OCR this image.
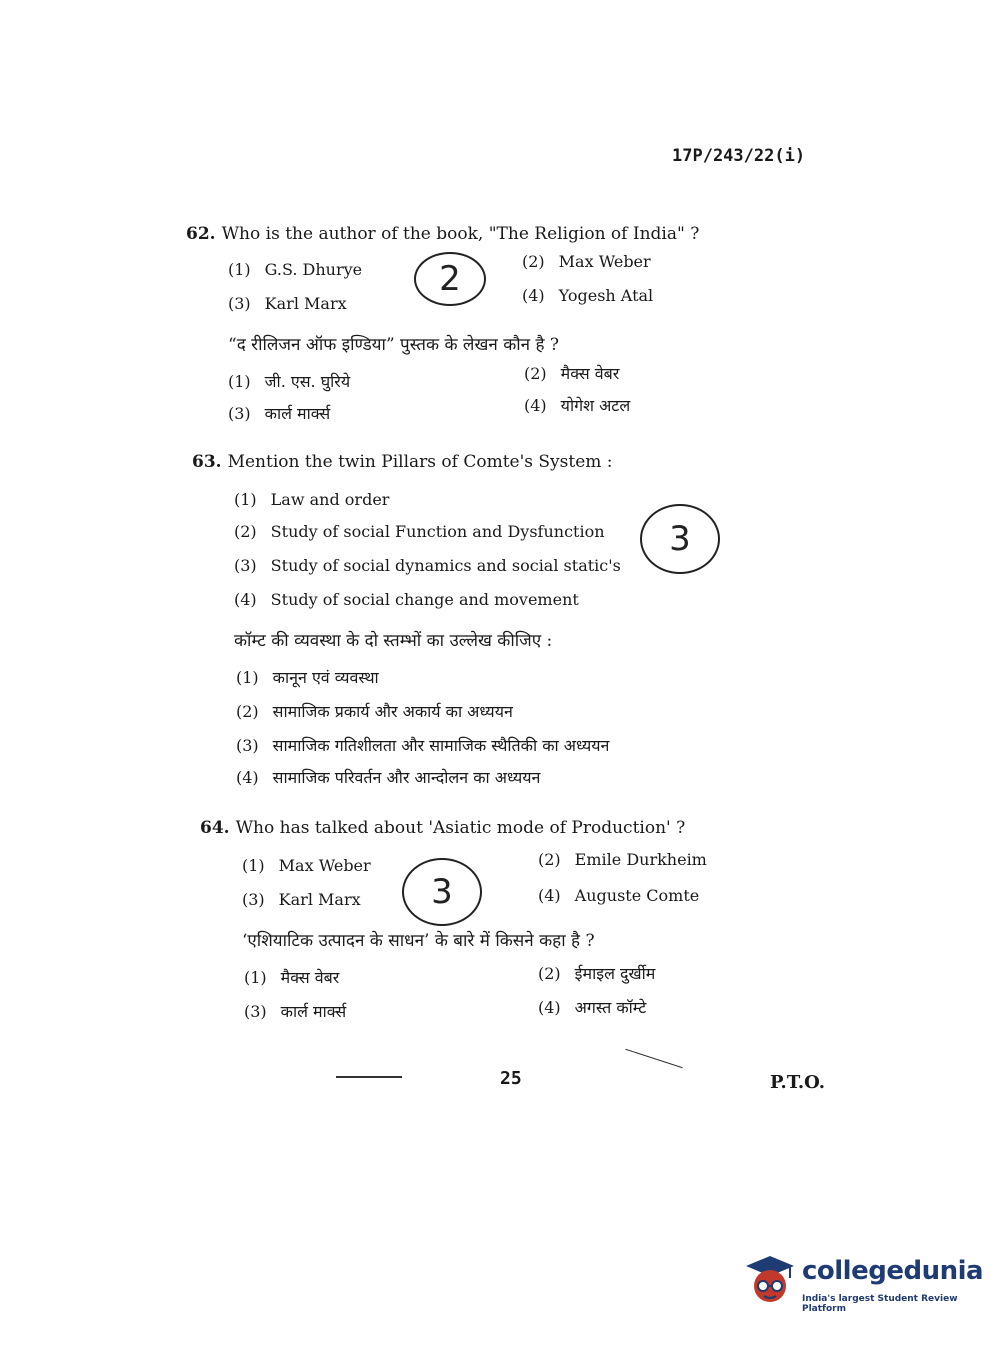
17P/243/22(i)
62. Who is the author of the book, "The Religion of India" ?
(1) G.S. Dhurye	(2) Max Weber
(3) Karl Marx	(4) Yogesh Atal
“द रीलिजन ऑफ इण्डिया” पुस्तक के लेखन कौन है ?
(1) जी. एस. घुरिये	(2) मैक्स वेबर
(3) कार्ल मार्क्स	(4) योगेश अटल
2
63. Mention the twin Pillars of Comte's System :
(1) Law and order
(2) Study of social Function and Dysfunction
(3) Study of social dynamics and social static's
(4) Study of social change and movement
कॉम्ट की व्यवस्था के दो स्तम्भों का उल्लेख कीजिए :
(1) कानून एवं व्यवस्था
(2) सामाजिक प्रकार्य और अकार्य का अध्ययन
(3) सामाजिक गतिशीलता और सामाजिक स्थैतिकी का अध्ययन
(4) सामाजिक परिवर्तन और आन्दोलन का अध्ययन
3
64. Who has talked about 'Asiatic mode of Production' ?
(1) Max Weber	(2) Emile Durkheim
(3) Karl Marx	(4) Auguste Comte
‘एशियाटिक उत्पादन के साधन’ के बारे में किसने कहा है ?
(1) मैक्स वेबर	(2) ईमाइल दुर्खीम
(3) कार्ल मार्क्स	(4) अगस्त कॉम्टे
3
25	P.T.O.
collegedunia
India's largest Student Review Platform
